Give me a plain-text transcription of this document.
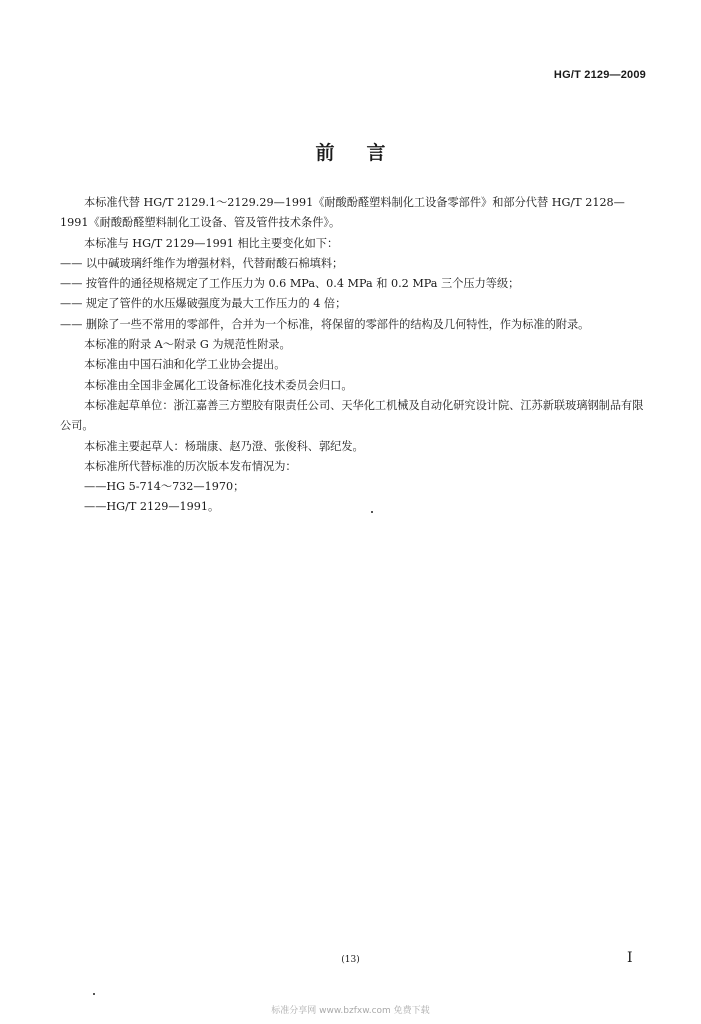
HG/T 2129—2009
前言

本标准代替 HG/T 2129.1～2129.29—1991《耐酸酚醛塑料制化工设备零部件》和部分代替 HG/T 2128—1991《耐酸酚醛塑料制化工设备、管及管件技术条件》。

本标准与 HG/T 2129—1991 相比主要变化如下：

—— 以中碱玻璃纤维作为增强材料，代替耐酸石棉填料；

—— 按管件的通径规格规定了工作压力为 0.6 MPa、0.4 MPa 和 0.2 MPa 三个压力等级；

—— 规定了管件的水压爆破强度为最大工作压力的 4 倍；

—— 删除了一些不常用的零部件，合并为一个标准，将保留的零部件的结构及几何特性，作为标准的附录。

本标准的附录 A～附录 G 为规范性附录。

本标准由中国石油和化学工业协会提出。

本标准由全国非金属化工设备标准化技术委员会归口。

本标准起草单位：浙江嘉善三方塑胶有限责任公司、天华化工机械及自动化研究设计院、江苏新联玻璃钢制品有限公司。

本标准主要起草人：杨瑞康、赵乃澄、张俊科、郭纪发。

本标准所代替标准的历次版本发布情况为：

——HG 5-714～732—1970；

——HG/T 2129—1991。

(13)	I
标准分享网 www.bzfxw.com 免费下载
